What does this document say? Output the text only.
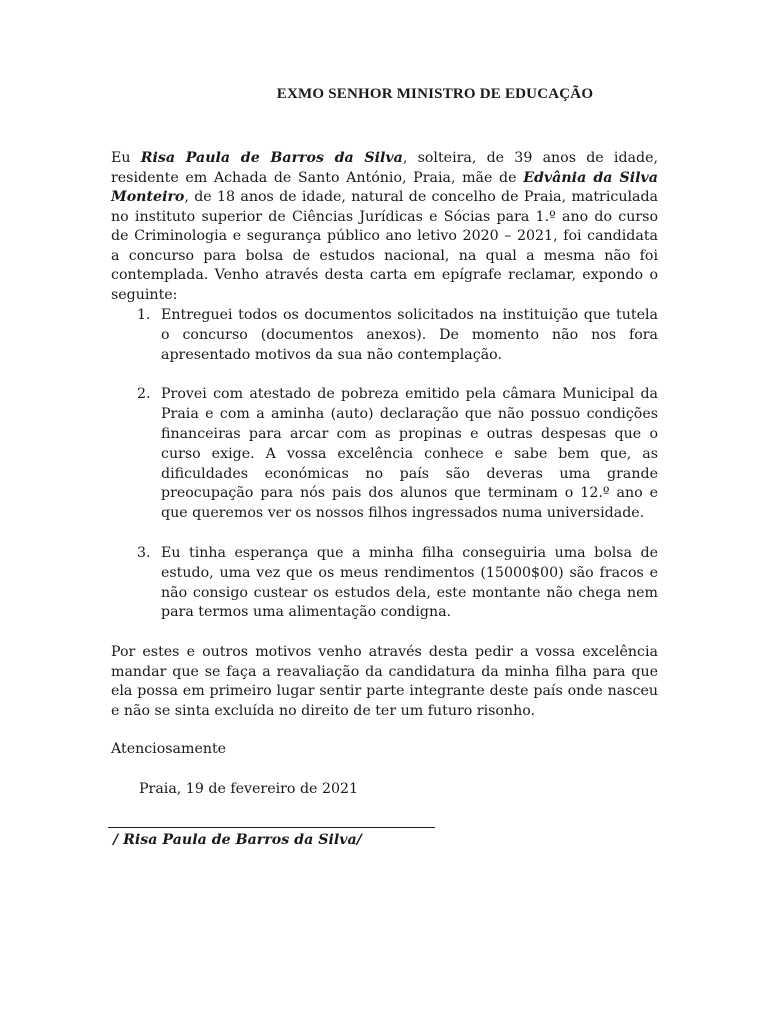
EXMO SENHOR MINISTRO DE EDUCAÇÃO

Eu Risa Paula de Barros da Silva, solteira, de 39 anos de idade, residente em Achada de Santo António, Praia, mãe de Edvânia da Silva Monteiro, de 18 anos de idade, natural de concelho de Praia, matriculada no instituto superior de Ciências Jurídicas e Sócias para 1.º ano do curso de Criminologia e segurança público ano letivo 2020 – 2021, foi candidata a concurso para bolsa de estudos nacional, na qual a mesma não foi contemplada. Venho através desta carta em epígrafe reclamar, expondo o seguinte:

1. Entreguei todos os documentos solicitados na instituição que tutela o concurso (documentos anexos). De momento não nos fora apresentado motivos da sua não contemplação.
2. Provei com atestado de pobreza emitido pela câmara Municipal da Praia e com a aminha (auto) declaração que não possuo condições financeiras para arcar com as propinas e outras despesas que o curso exige. A vossa excelência conhece e sabe bem que, as dificuldades económicas no país são deveras uma grande preocupação para nós pais dos alunos que terminam o 12.º ano e que queremos ver os nossos filhos ingressados numa universidade.
3. Eu tinha esperança que a minha filha conseguiria uma bolsa de estudo, uma vez que os meus rendimentos (15000$00) são fracos e não consigo custear os estudos dela, este montante não chega nem para termos uma alimentação condigna.

Por estes e outros motivos venho através desta pedir a vossa excelência mandar que se faça a reavaliação da candidatura da minha filha para que ela possa em primeiro lugar sentir parte integrante deste país onde nasceu e não se sinta excluída no direito de ter um futuro risonho.

Atenciosamente
Praia, 19 de fevereiro de 2021
/ Risa Paula de Barros da Silva/
